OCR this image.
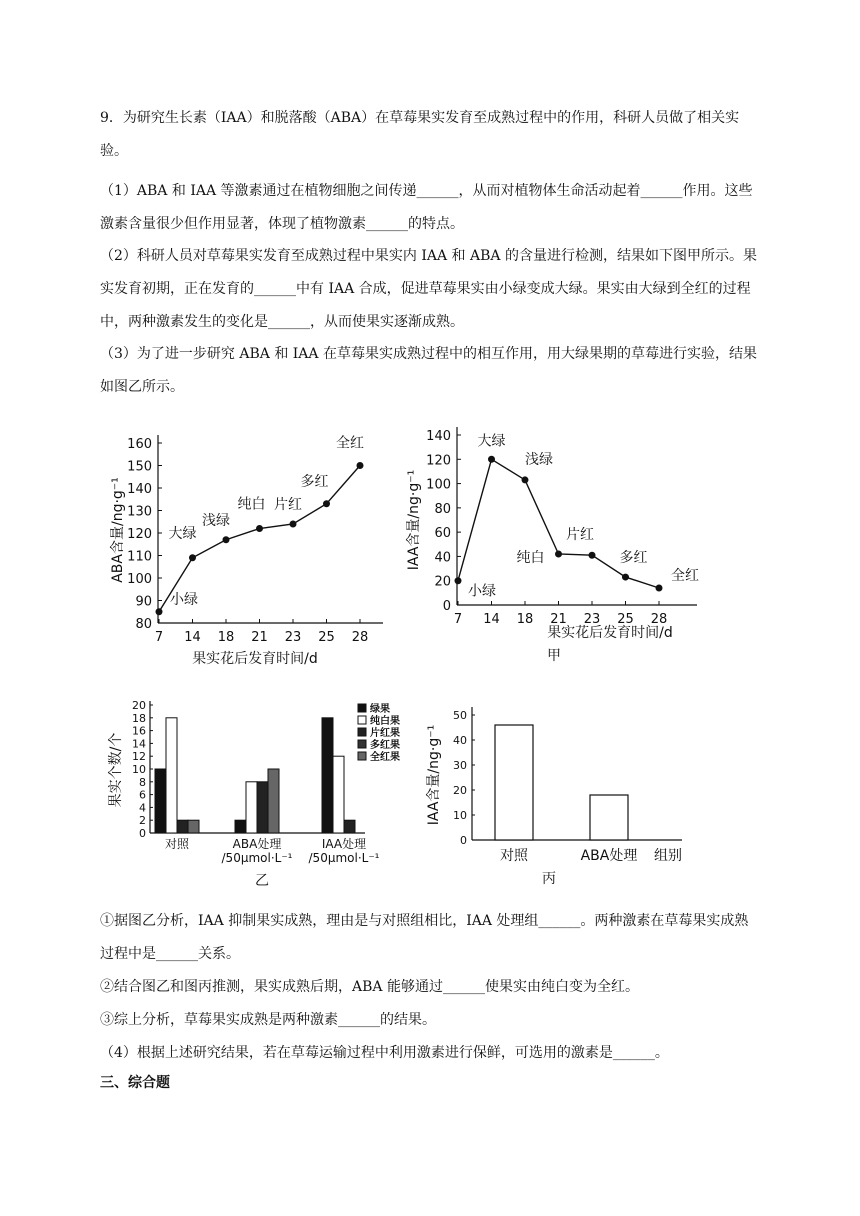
9．为研究生长素（IAA）和脱落酸（ABA）在草莓果实发育至成熟过程中的作用，科研人员做了相关实验。
（1）ABA 和 IAA 等激素通过在植物细胞之间传递______，从而对植物体生命活动起着______作用。这些激素含量很少但作用显著，体现了植物激素______的特点。
（2）科研人员对草莓果实发育至成熟过程中果实内 IAA 和 ABA 的含量进行检测，结果如下图甲所示。果实发育初期，正在发育的______中有 IAA 合成，促进草莓果实由小绿变成大绿。果实由大绿到全红的过程中，两种激素发生的变化是______，从而使果实逐渐成熟。
（3）为了进一步研究 ABA 和 IAA 在草莓果实成熟过程中的相互作用，用大绿果期的草莓进行实验，结果如图乙所示。
80
90
100
110
120
130
140
150
160
7 14 18 21 23 25 28
小绿
大绿
浅绿
纯白 片红
多红
全红
果实花后发育时间/d
ABA含量/ng·g⁻¹
0
20
40
60
80
100
120
140
7 14 18 21 23 25 28
小绿
大绿
浅绿
纯白
片红
多红
全红
果实花后发育时间/d
IAA含量/ng·g⁻¹
甲
0
2
4
6
8
10
12
14
16
18
20
对照	ABA处理
/50μmol·L⁻¹
IAA处理
/50μmol·L⁻¹
绿果
纯白果
片红果
多红果
全红果
果实个数/个
乙
0
10
20
30
40
50
对照	ABA处理 组别
IAA含量/ng·g⁻¹
丙
①据图乙分析，IAA 抑制果实成熟，理由是与对照组相比，IAA 处理组______。两种激素在草莓果实成熟过程中是______关系。
②结合图乙和图丙推测，果实成熟后期，ABA 能够通过______使果实由纯白变为全红。
③综上分析，草莓果实成熟是两种激素______的结果。
（4）根据上述研究结果，若在草莓运输过程中利用激素进行保鲜，可选用的激素是______。
三、综合题
